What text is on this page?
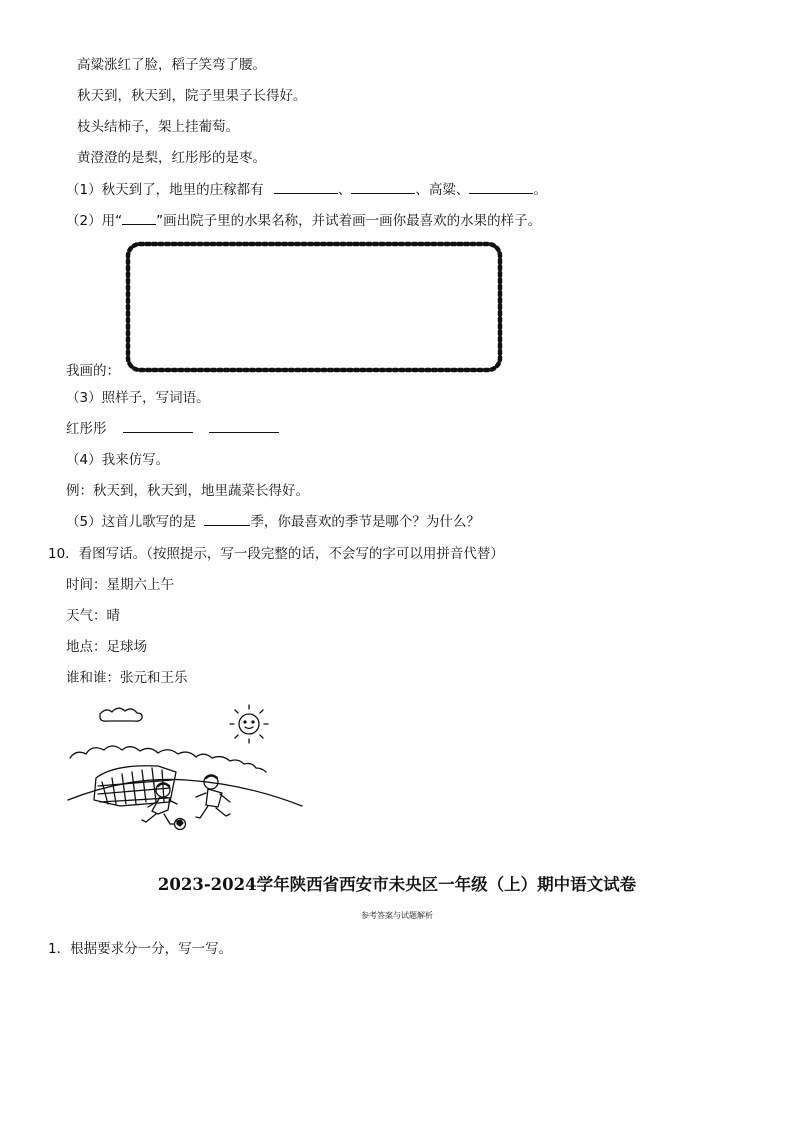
高粱涨红了脸，稻子笑弯了腰。
秋天到，秋天到，院子里果子长得好。
枝头结柿子，架上挂葡萄。
黄澄澄的是梨，红彤彤的是枣。
（1）秋天到了，地里的庄稼都有	、	、高粱、	。
（2）用“	”画出院子里的水果名称，并试着画一画你最喜欢的水果的样子。
我画的：
（3）照样子，写词语。
红彤彤
（4）我来仿写。
例：秋天到，秋天到，地里蔬菜长得好。
（5）这首儿歌写的是	季，你最喜欢的季节是哪个？为什么？
10．看图写话。（按照提示，写一段完整的话，不会写的字可以用拼音代替）
时间：星期六上午
天气：晴
地点：足球场
谁和谁：张元和王乐
2023-2024学年陕西省西安市未央区一年级（上）期中语文试卷
参考答案与试题解析
1．根据要求分一分，写一写。
